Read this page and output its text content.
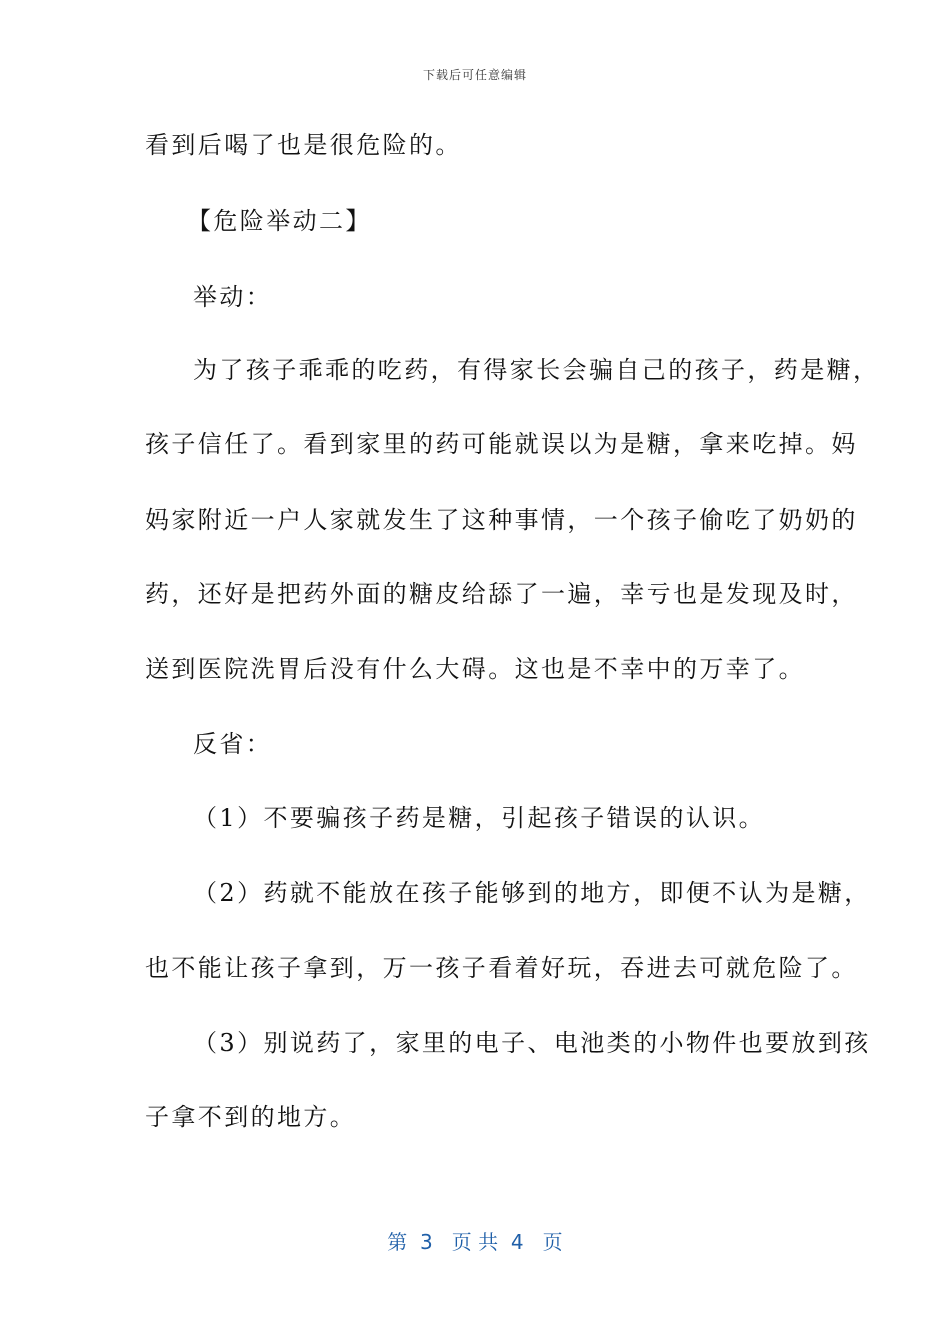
下载后可任意编辑
看到后喝了也是很危险的。
【危险举动二】
举动：
为了孩子乖乖的吃药，有得家长会骗自己的孩子，药是糖，
孩子信任了。看到家里的药可能就误以为是糖，拿来吃掉。妈
妈家附近一户人家就发生了这种事情，一个孩子偷吃了奶奶的
药，还好是把药外面的糖皮给舔了一遍，幸亏也是发现及时，
送到医院洗胃后没有什么大碍。这也是不幸中的万幸了。
反省：
（1）不要骗孩子药是糖，引起孩子错误的认识。
（2）药就不能放在孩子能够到的地方，即便不认为是糖，
也不能让孩子拿到，万一孩子看着好玩，吞进去可就危险了。
（3）别说药了，家里的电子、电池类的小物件也要放到孩
子拿不到的地方。
第  3   页 共  4   页
